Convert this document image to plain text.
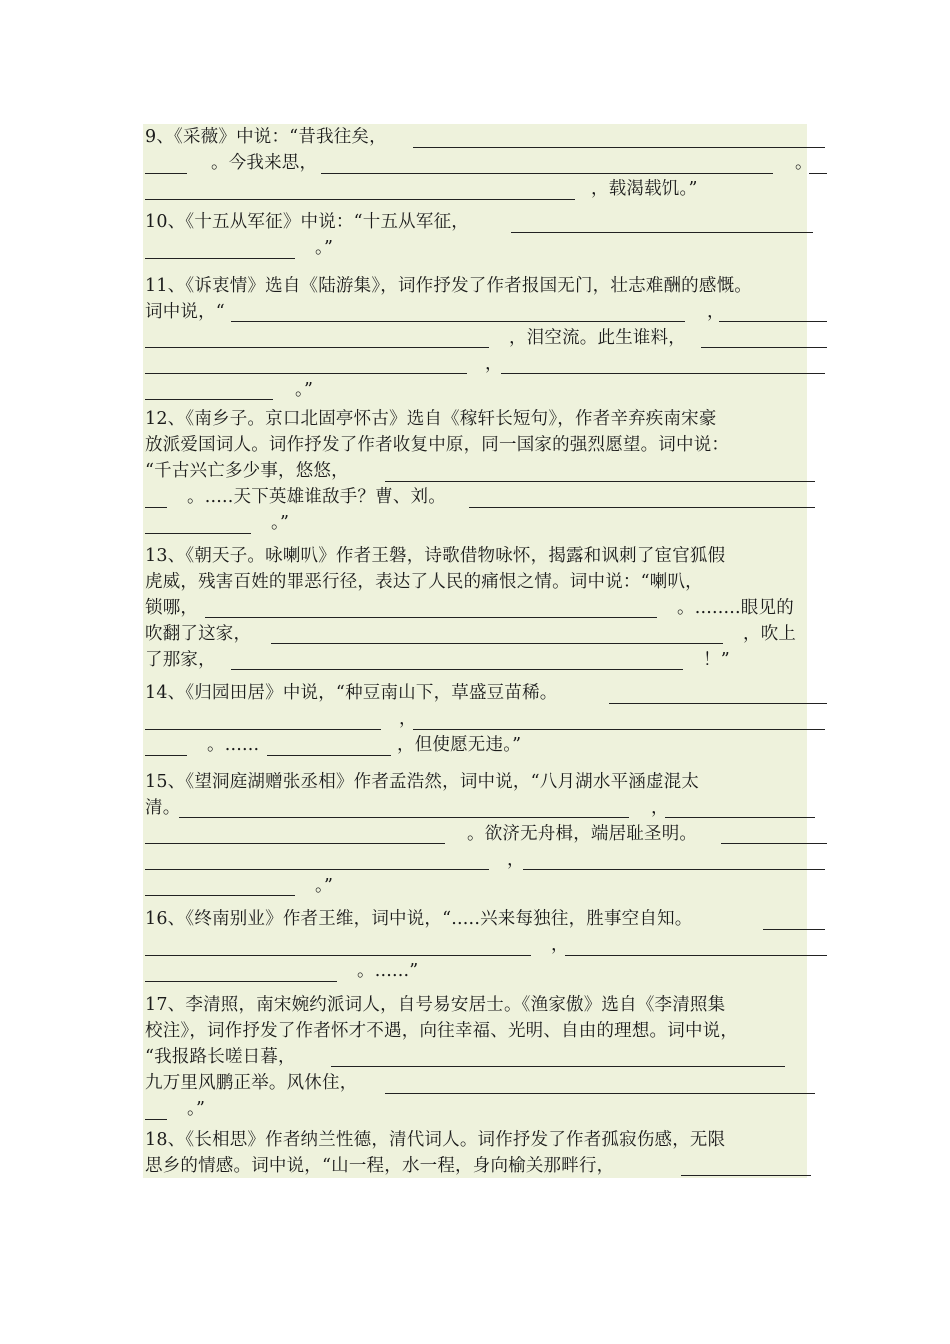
9、《采薇》中说：“昔我往矣，
。今我来思，	。
，载渴载饥。”
10、《十五从军征》中说：“十五从军征，
。”
11、《诉衷情》选自《陆游集》，词作抒发了作者报国无门，壮志难酬的感慨。
词中说，“	，
，泪空流。此生谁料，
，
。”
12、《南乡子。京口北固亭怀古》选自《稼轩长短句》，作者辛弃疾南宋豪
放派爱国词人。词作抒发了作者收复中原，同一国家的强烈愿望。词中说：
“千古兴亡多少事，悠悠，
。.....天下英雄谁敌手？曹、刘。
。”
13、《朝天子。咏喇叭》作者王磐，诗歌借物咏怀，揭露和讽刺了宦官狐假
虎威，残害百姓的罪恶行径，表达了人民的痛恨之情。词中说：“喇叭，
锁哪，	。........眼见的
吹翻了这家，	，吹上
了那家，	！”
14、《归园田居》中说，“种豆南山下，草盛豆苗稀。
，
。......	，但使愿无违。”
15、《望洞庭湖赠张丞相》作者孟浩然，词中说，“八月湖水平涵虚混太
清。	，
。欲济无舟楫，端居耻圣明。
，
。”
16、《终南别业》作者王维，词中说，“.....兴来每独往，胜事空自知。
，
。......”
17、李清照，南宋婉约派词人，自号易安居士。《渔家傲》选自《李清照集
校注》，词作抒发了作者怀才不遇，向往幸福、光明、自由的理想。词中说，
“我报路长嗟日暮，
九万里风鹏正举。风休住，
。”
18、《长相思》作者纳兰性德，清代词人。词作抒发了作者孤寂伤感，无限
思乡的情感。词中说，“山一程，水一程，身向榆关那畔行，
